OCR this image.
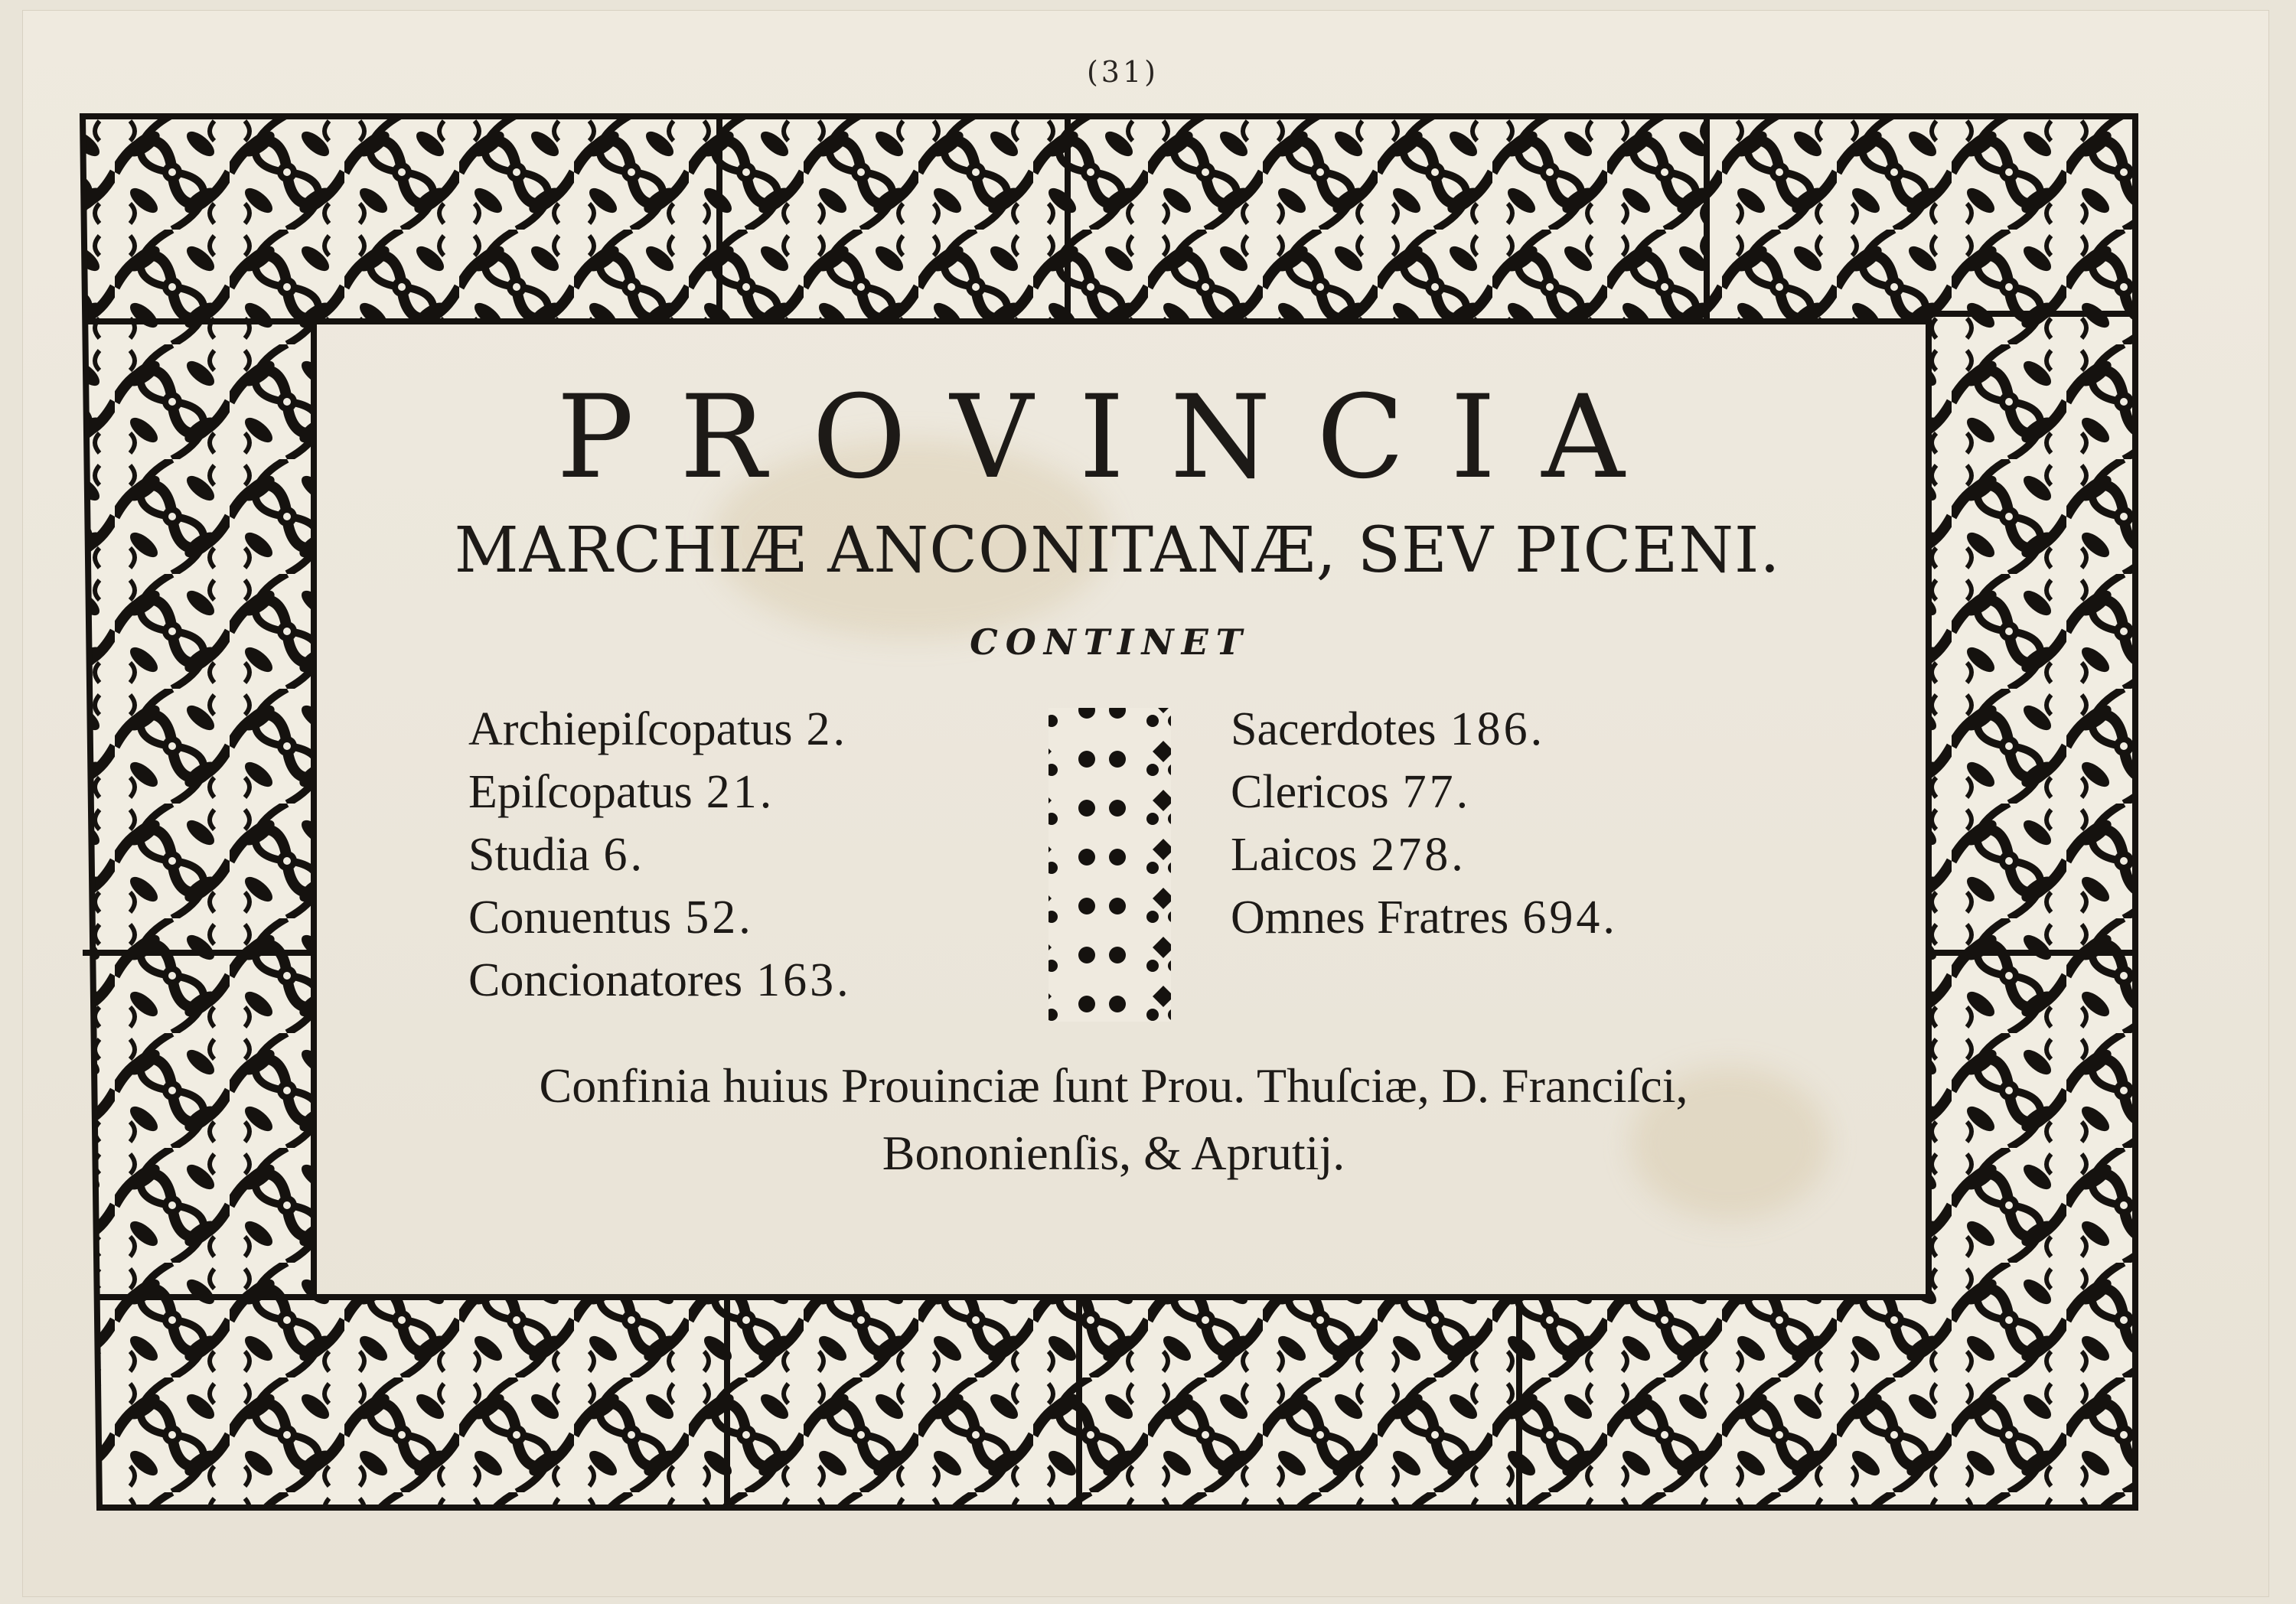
(31)
PROVINCIA
MARCHIÆ ANCONITANÆ, SEV PICENI.
CONTINET
Archiepiſcopatus 2.
Epiſcopatus 21.
Studia 6.
Conuentus 52.
Concionatores 163.
Sacerdotes 186.
Clericos 77.
Laicos 278.
Omnes Fratres 694.
Confinia huius Prouinciæ ſunt Prou. Thuſciæ, D. Franciſci,
Bononienſis, & Aprutij.
